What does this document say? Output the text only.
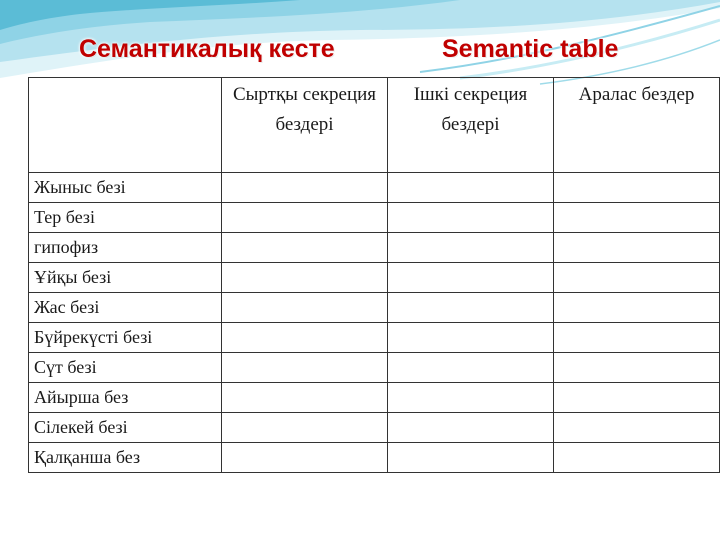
Семантикалық кесте	Semantic table
	Сыртқы секреция бездері	Ішкі секреция бездері	Аралас бездер
Жыныс безі			
Тер безі			
гипофиз			
Ұйқы безі			
Жас безі			
Бүйрекүсті безі			
Сүт безі			
Айырша без			
Сілекей безі			
Қалқанша без			
